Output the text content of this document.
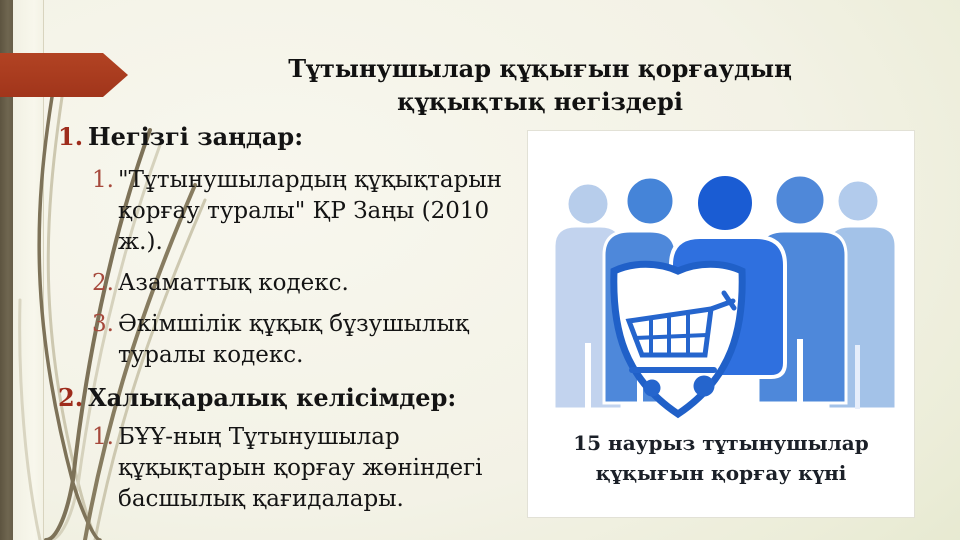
Тұтынушылар құқығын қорғаудың құқықтық негіздері
1. Негізгі заңдар:
1. "Тұтынушылардың құқықтарын қорғау туралы" ҚР Заңы (2010 ж.).
2. Азаматтық кодекс.
3. Әкімшілік құқық бұзушылық туралы кодекс.
2. Халықаралық келісімдер:
1. БҰҰ-ның Тұтынушылар құқықтарын қорғау жөніндегі басшылық қағидалары.
15 наурыз тұтынушылар құқығын қорғау күні
